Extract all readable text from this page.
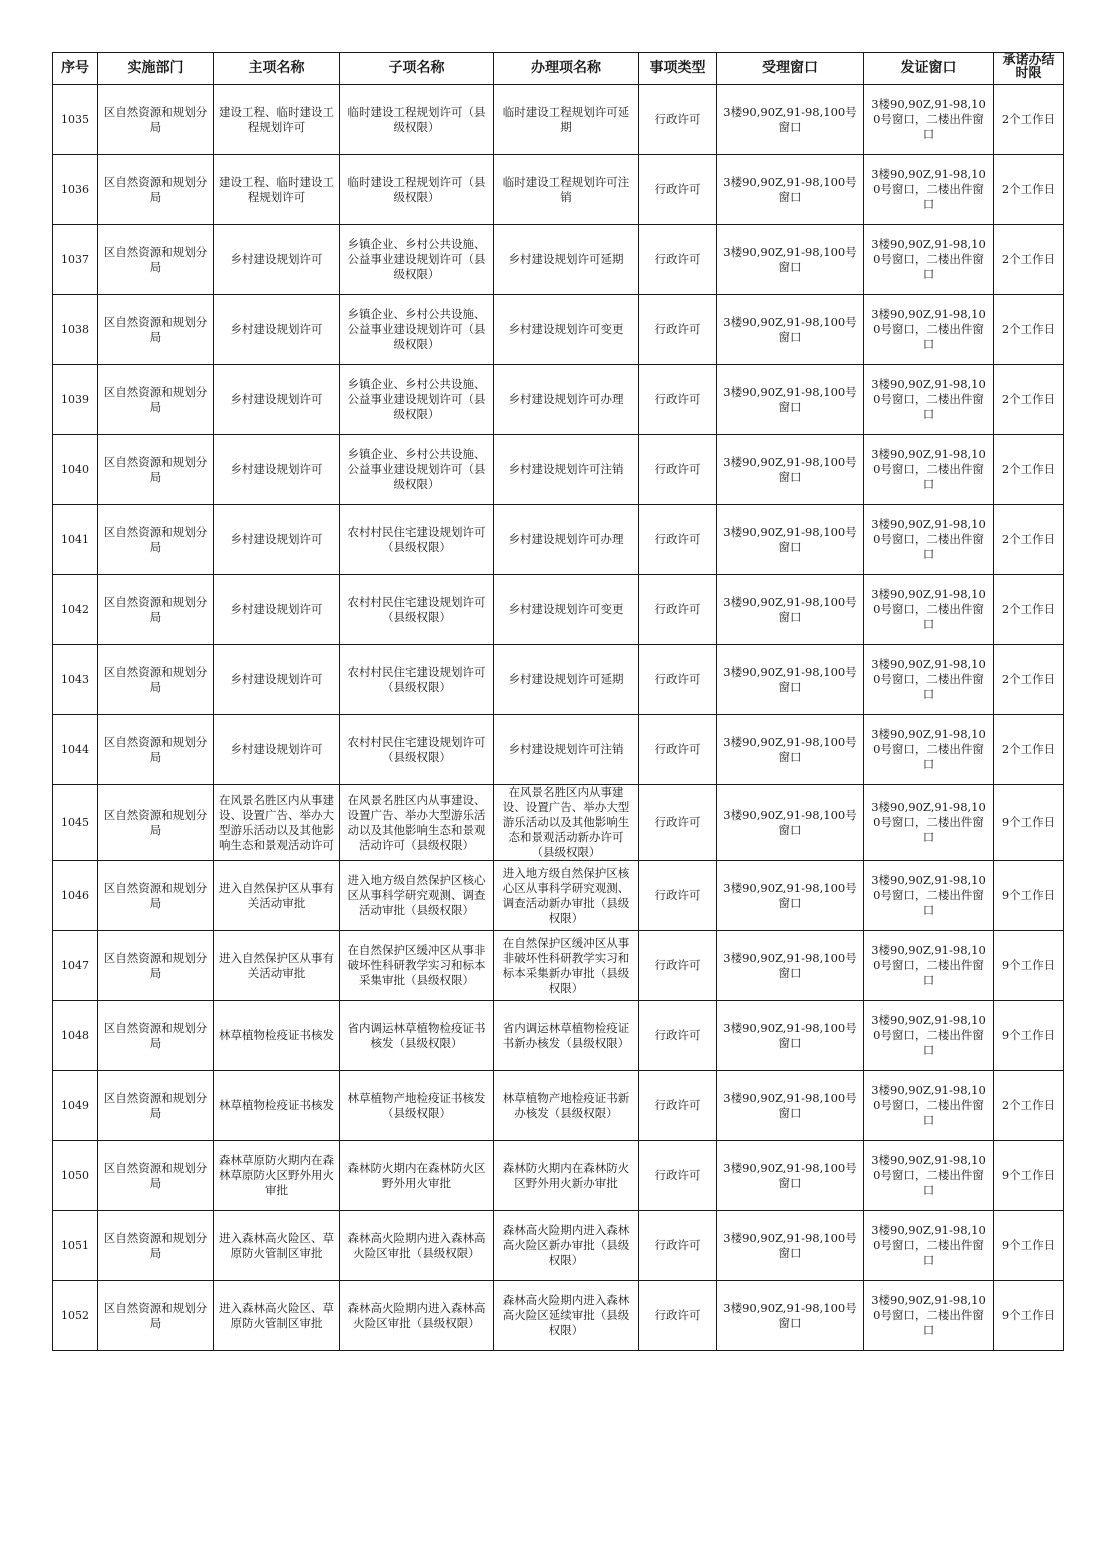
序号	实施部门	主项名称	子项名称	办理项名称	事项类型	受理窗口	发证窗口	承诺办结时限
1035	区自然资源和规划分局	建设工程、临时建设工程规划许可	临时建设工程规划许可（县级权限）	临时建设工程规划许可延期	行政许可	3楼90,90Z,91-98,100号窗口	3楼90,90Z,91-98,100号窗口，二楼出件窗口	2个工作日
1036	区自然资源和规划分局	建设工程、临时建设工程规划许可	临时建设工程规划许可（县级权限）	临时建设工程规划许可注销	行政许可	3楼90,90Z,91-98,100号窗口	3楼90,90Z,91-98,100号窗口，二楼出件窗口	2个工作日
1037	区自然资源和规划分局	乡村建设规划许可	乡镇企业、乡村公共设施、公益事业建设规划许可（县级权限）	乡村建设规划许可延期	行政许可	3楼90,90Z,91-98,100号窗口	3楼90,90Z,91-98,100号窗口，二楼出件窗口	2个工作日
1038	区自然资源和规划分局	乡村建设规划许可	乡镇企业、乡村公共设施、公益事业建设规划许可（县级权限）	乡村建设规划许可变更	行政许可	3楼90,90Z,91-98,100号窗口	3楼90,90Z,91-98,100号窗口，二楼出件窗口	2个工作日
1039	区自然资源和规划分局	乡村建设规划许可	乡镇企业、乡村公共设施、公益事业建设规划许可（县级权限）	乡村建设规划许可办理	行政许可	3楼90,90Z,91-98,100号窗口	3楼90,90Z,91-98,100号窗口，二楼出件窗口	2个工作日
1040	区自然资源和规划分局	乡村建设规划许可	乡镇企业、乡村公共设施、公益事业建设规划许可（县级权限）	乡村建设规划许可注销	行政许可	3楼90,90Z,91-98,100号窗口	3楼90,90Z,91-98,100号窗口，二楼出件窗口	2个工作日
1041	区自然资源和规划分局	乡村建设规划许可	农村村民住宅建设规划许可（县级权限）	乡村建设规划许可办理	行政许可	3楼90,90Z,91-98,100号窗口	3楼90,90Z,91-98,100号窗口，二楼出件窗口	2个工作日
1042	区自然资源和规划分局	乡村建设规划许可	农村村民住宅建设规划许可（县级权限）	乡村建设规划许可变更	行政许可	3楼90,90Z,91-98,100号窗口	3楼90,90Z,91-98,100号窗口，二楼出件窗口	2个工作日
1043	区自然资源和规划分局	乡村建设规划许可	农村村民住宅建设规划许可（县级权限）	乡村建设规划许可延期	行政许可	3楼90,90Z,91-98,100号窗口	3楼90,90Z,91-98,100号窗口，二楼出件窗口	2个工作日
1044	区自然资源和规划分局	乡村建设规划许可	农村村民住宅建设规划许可（县级权限）	乡村建设规划许可注销	行政许可	3楼90,90Z,91-98,100号窗口	3楼90,90Z,91-98,100号窗口，二楼出件窗口	2个工作日
1045	区自然资源和规划分局	在风景名胜区内从事建设、设置广告、举办大型游乐活动以及其他影响生态和景观活动许可	在风景名胜区内从事建设、设置广告、举办大型游乐活动以及其他影响生态和景观活动许可（县级权限）	在风景名胜区内从事建设、设置广告、举办大型游乐活动以及其他影响生态和景观活动新办许可（县级权限）	行政许可	3楼90,90Z,91-98,100号窗口	3楼90,90Z,91-98,100号窗口，二楼出件窗口	9个工作日
1046	区自然资源和规划分局	进入自然保护区从事有关活动审批	进入地方级自然保护区核心区从事科学研究观测、调查活动审批（县级权限）	进入地方级自然保护区核心区从事科学研究观测、调查活动新办审批（县级权限）	行政许可	3楼90,90Z,91-98,100号窗口	3楼90,90Z,91-98,100号窗口，二楼出件窗口	9个工作日
1047	区自然资源和规划分局	进入自然保护区从事有关活动审批	在自然保护区缓冲区从事非破坏性科研教学实习和标本采集审批（县级权限）	在自然保护区缓冲区从事非破坏性科研教学实习和标本采集新办审批（县级权限）	行政许可	3楼90,90Z,91-98,100号窗口	3楼90,90Z,91-98,100号窗口，二楼出件窗口	9个工作日
1048	区自然资源和规划分局	林草植物检疫证书核发	省内调运林草植物检疫证书核发（县级权限）	省内调运林草植物检疫证书新办核发（县级权限）	行政许可	3楼90,90Z,91-98,100号窗口	3楼90,90Z,91-98,100号窗口，二楼出件窗口	9个工作日
1049	区自然资源和规划分局	林草植物检疫证书核发	林草植物产地检疫证书核发（县级权限）	林草植物产地检疫证书新办核发（县级权限）	行政许可	3楼90,90Z,91-98,100号窗口	3楼90,90Z,91-98,100号窗口，二楼出件窗口	2个工作日
1050	区自然资源和规划分局	森林草原防火期内在森林草原防火区野外用火审批	森林防火期内在森林防火区野外用火审批	森林防火期内在森林防火区野外用火新办审批	行政许可	3楼90,90Z,91-98,100号窗口	3楼90,90Z,91-98,100号窗口，二楼出件窗口	9个工作日
1051	区自然资源和规划分局	进入森林高火险区、草原防火管制区审批	森林高火险期内进入森林高火险区审批（县级权限）	森林高火险期内进入森林高火险区新办审批（县级权限）	行政许可	3楼90,90Z,91-98,100号窗口	3楼90,90Z,91-98,100号窗口，二楼出件窗口	9个工作日
1052	区自然资源和规划分局	进入森林高火险区、草原防火管制区审批	森林高火险期内进入森林高火险区审批（县级权限）	森林高火险期内进入森林高火险区延续审批（县级权限）	行政许可	3楼90,90Z,91-98,100号窗口	3楼90,90Z,91-98,100号窗口，二楼出件窗口	9个工作日
